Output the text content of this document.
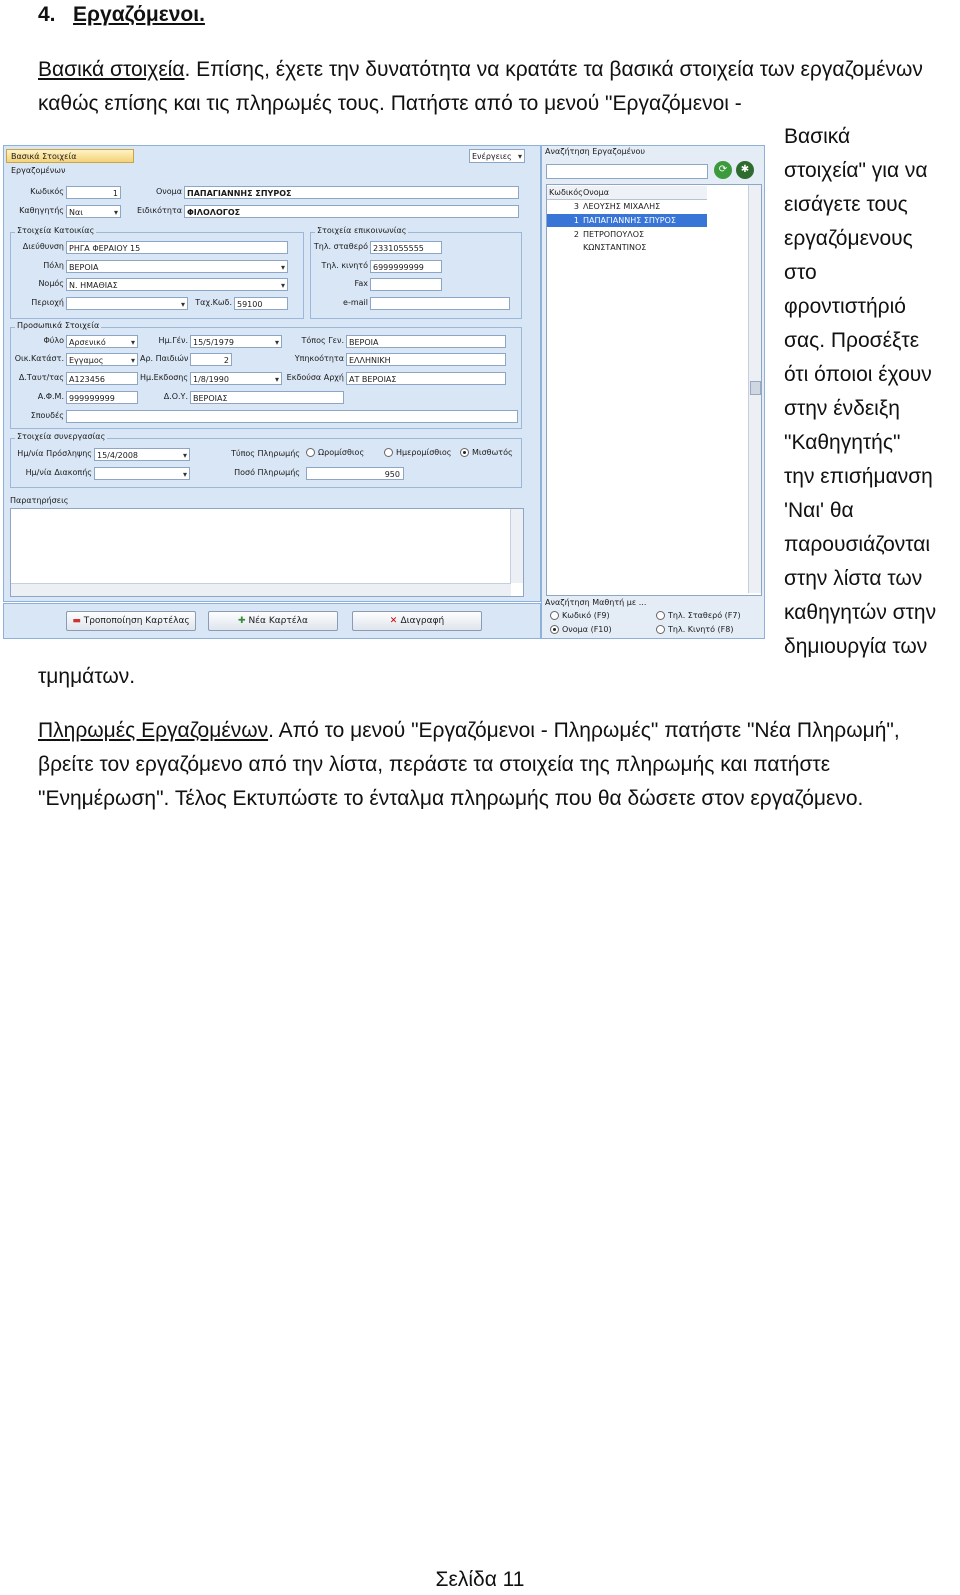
4. Εργαζόμενοι.
Βασικά στοιχεία. Επίσης, έχετε την δυνατότητα να κρατάτε τα βασικά στοιχεία των εργαζομένων καθώς επίσης και τις πληρωμές τους. Πατήστε από το μενού "Εργαζόμενοι -
Βασικά
στοιχεία" για να
εισάγετε τους
εργαζόμενους
στο
φροντιστήριό
σας. Προσέξτε
ότι όποιοι έχουν
στην ένδειξη
"Καθηγητής"
την επισήμανση
'Ναι' θα
παρουσιάζονται
στην λίστα των
καθηγητών στην
δημιουργία των
τμημάτων.
Πληρωμές Εργαζομένων. Από το μενού "Εργαζόμενοι - Πληρωμές" πατήστε "Νέα Πληρωμή", βρείτε τον εργαζόμενο από την λίστα, περάστε τα στοιχεία της πληρωμής και πατήστε "Ενημέρωση". Τέλος Εκτυπώστε το ένταλμα πληρωμής που θα δώσετε στον εργαζόμενο.
Βασικά Στοιχεία Εργαζομένων
Ενέργειες ▾
Κωδικός	1	Ονομα ΠΑΠΑΓΙΑΝΝΗΣ ΣΠΥΡΟΣ
Καθηγητής Ναι ▾	Ειδικότητα ΦΙΛΟΛΟΓΟΣ
Στοιχεία Κατοικίας
Διεύθυνση ΡΗΓΑ ΦΕΡΑΙΟΥ 15
Πόλη ΒΕΡΟΙΑ ▾
Νομός Ν. ΗΜΑΘΙΑΣ ▾
Περιοχή
▾	Ταχ.Κωδ. 59100
Στοιχεία επικοινωνίας
Τηλ. σταθερό 2331055555
Τηλ. κινητό 6999999999
Fax
e-mail
Προσωπικά Στοιχεία
Φύλο Αρσενικό ▾	Ημ.Γέν. 15/5/1979 ▾	Τόπος Γεν. ΒΕΡΟΙΑ
Οικ.Κατάστ. Εγγαμος ▾	Αρ. Παιδιών	2	Υπηκοότητα ΕΛΛΗΝΙΚΗ
Δ.Ταυτ/τας Α123456	Ημ.Εκδοσης 1/8/1990 ▾	Εκδούσα Αρχή ΑΤ ΒΕΡΟΙΑΣ
Α.Φ.Μ. 999999999	Δ.Ο.Υ. ΒΕΡΟΙΑΣ
Σπουδές
Στοιχεία συνεργασίας
Ημ/νία Πρόσληψης 15/4/2008 ▾
Ημ/νία Διακοπής
▾
Τύπος Πληρωμής	Ωρομίσθιος	Ημερομίσθιος	Μισθωτός
Ποσό Πληρωμής	950
Παρατηρήσεις
Αναζήτηση Εργαζομένου
⟳	✱
Κωδικός Ονομα
3 ΛΕΟΥΣΗΣ ΜΙΧΑΛΗΣ
1 ΠΑΠΑΓΙΑΝΝΗΣ ΣΠΥΡΟΣ
2 ΠΕΤΡΟΠΟΥΛΟΣ ΚΩΝΣΤΑΝΤΙΝΟΣ
Αναζήτηση Μαθητή με ...
Κωδικό (F9)	Τηλ. Σταθερό (F7)
Ονομα (F10)	Τηλ. Κινητό (F8)
▬ Τροποποίηση Καρτέλας	✚ Νέα Καρτέλα	✕ Διαγραφή
Σελίδα 11
